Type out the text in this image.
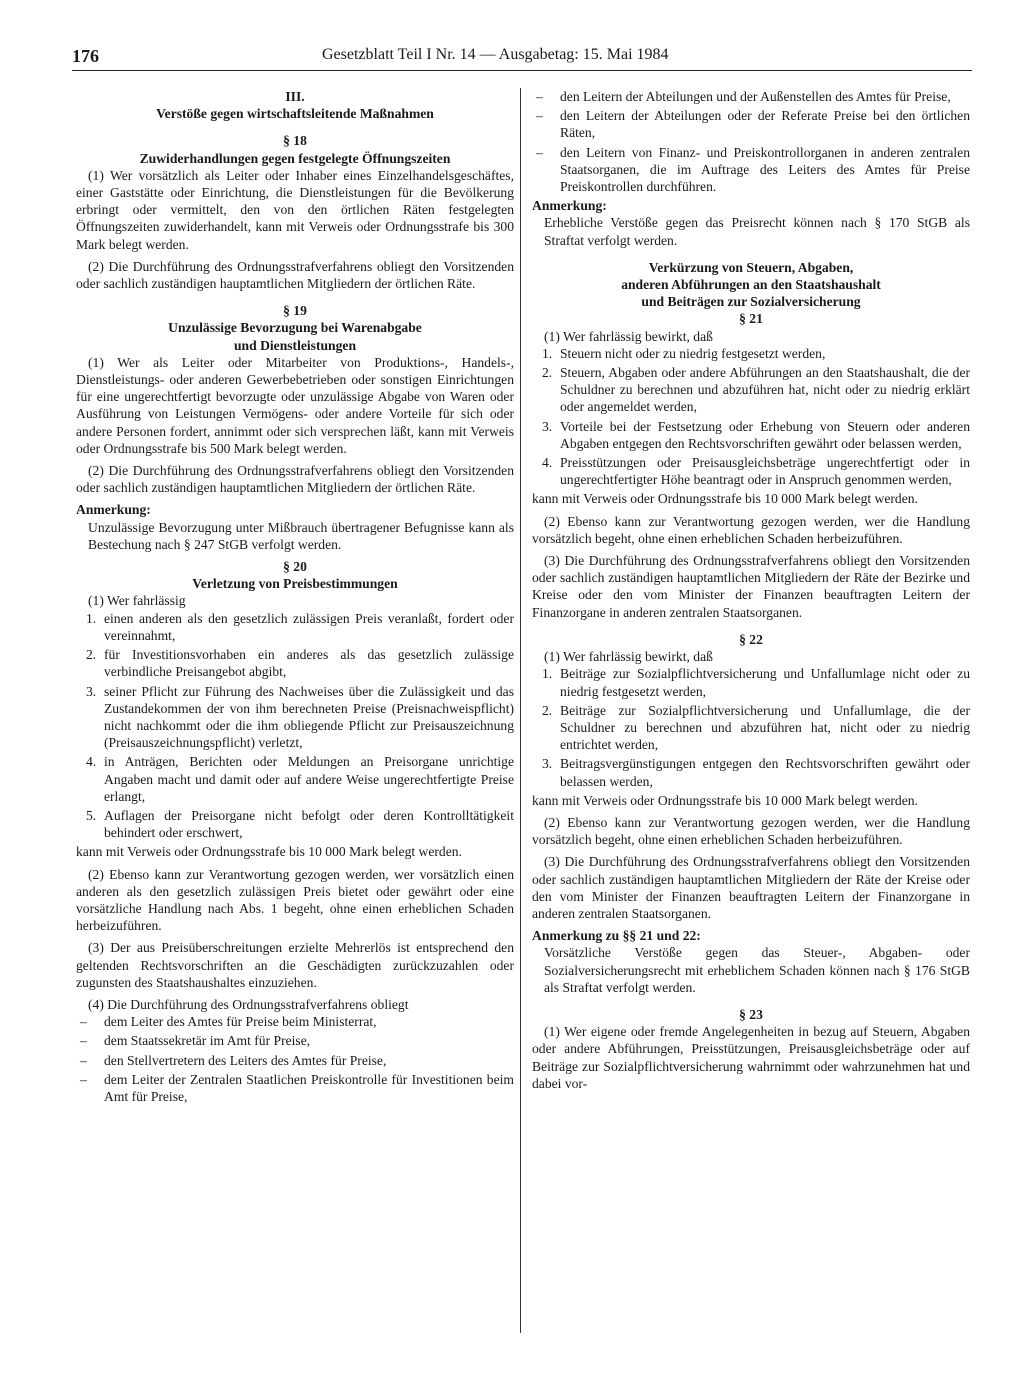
176	Gesetzblatt Teil I Nr. 14 — Ausgabetag: 15. Mai 1984

III.

Verstöße gegen wirtschaftsleitende Maßnahmen

§ 18

Zuwiderhandlungen gegen festgelegte Öffnungszeiten

(1) Wer vorsätzlich als Leiter oder Inhaber eines Einzelhandelsgeschäftes, einer Gaststätte oder Einrichtung, die Dienstleistungen für die Bevölkerung erbringt oder vermittelt, den von den örtlichen Räten festgelegten Öffnungszeiten zuwiderhandelt, kann mit Verweis oder Ordnungsstrafe bis 300 Mark belegt werden.

(2) Die Durchführung des Ordnungsstrafverfahrens obliegt den Vorsitzenden oder sachlich zuständigen hauptamtlichen Mitgliedern der örtlichen Räte.

§ 19

Unzulässige Bevorzugung bei Warenabgabe

und Dienstleistungen

(1) Wer als Leiter oder Mitarbeiter von Produktions-, Handels-, Dienstleistungs- oder anderen Gewerbebetrieben oder sonstigen Einrichtungen für eine ungerechtfertigt bevorzugte oder unzulässige Abgabe von Waren oder Ausführung von Leistungen Vermögens- oder andere Vorteile für sich oder andere Personen fordert, annimmt oder sich versprechen läßt, kann mit Verweis oder Ordnungsstrafe bis 500 Mark belegt werden.

(2) Die Durchführung des Ordnungsstrafverfahrens obliegt den Vorsitzenden oder sachlich zuständigen hauptamtlichen Mitgliedern der örtlichen Räte.

Anmerkung:

Unzulässige Bevorzugung unter Mißbrauch übertragener Befugnisse kann als Bestechung nach § 247 StGB verfolgt werden.

§ 20

Verletzung von Preisbestimmungen

(1) Wer fahrlässig

1. einen anderen als den gesetzlich zulässigen Preis veranlaßt, fordert oder vereinnahmt,
2. für Investitionsvorhaben ein anderes als das gesetzlich zulässige verbindliche Preisangebot abgibt,
3. seiner Pflicht zur Führung des Nachweises über die Zulässigkeit und das Zustandekommen der von ihm berechneten Preise (Preisnachweispflicht) nicht nachkommt oder die ihm obliegende Pflicht zur Preisauszeichnung (Preisauszeichnungspflicht) verletzt,
4. in Anträgen, Berichten oder Meldungen an Preisorgane unrichtige Angaben macht und damit oder auf andere Weise ungerechtfertigte Preise erlangt,
5. Auflagen der Preisorgane nicht befolgt oder deren Kontrolltätigkeit behindert oder erschwert,

kann mit Verweis oder Ordnungsstrafe bis 10 000 Mark belegt werden.

(2) Ebenso kann zur Verantwortung gezogen werden, wer vorsätzlich einen anderen als den gesetzlich zulässigen Preis bietet oder gewährt oder eine vorsätzliche Handlung nach Abs. 1 begeht, ohne einen erheblichen Schaden herbeizuführen.

(3) Der aus Preisüberschreitungen erzielte Mehrerlös ist entsprechend den geltenden Rechtsvorschriften an die Geschädigten zurückzuzahlen oder zugunsten des Staatshaushaltes einzuziehen.

(4) Die Durchführung des Ordnungsstrafverfahrens obliegt

– dem Leiter des Amtes für Preise beim Ministerrat,
– dem Staatssekretär im Amt für Preise,
– den Stellvertretern des Leiters des Amtes für Preise,
– dem Leiter der Zentralen Staatlichen Preiskontrolle für Investitionen beim Amt für Preise,
– den Leitern der Abteilungen und der Außenstellen des Amtes für Preise,
– den Leitern der Abteilungen oder der Referate Preise bei den örtlichen Räten,
– den Leitern von Finanz- und Preiskontrollorganen in anderen zentralen Staatsorganen, die im Auftrage des Leiters des Amtes für Preise Preiskontrollen durchführen.

Anmerkung:

Erhebliche Verstöße gegen das Preisrecht können nach § 170 StGB als Straftat verfolgt werden.

Verkürzung von Steuern, Abgaben,

anderen Abführungen an den Staatshaushalt

und Beiträgen zur Sozialversicherung

§ 21

(1) Wer fahrlässig bewirkt, daß

1. Steuern nicht oder zu niedrig festgesetzt werden,
2. Steuern, Abgaben oder andere Abführungen an den Staatshaushalt, die der Schuldner zu berechnen und abzuführen hat, nicht oder zu niedrig erklärt oder angemeldet werden,
3. Vorteile bei der Festsetzung oder Erhebung von Steuern oder anderen Abgaben entgegen den Rechtsvorschriften gewährt oder belassen werden,
4. Preisstützungen oder Preisausgleichsbeträge ungerechtfertigt oder in ungerechtfertigter Höhe beantragt oder in Anspruch genommen werden,

kann mit Verweis oder Ordnungsstrafe bis 10 000 Mark belegt werden.

(2) Ebenso kann zur Verantwortung gezogen werden, wer die Handlung vorsätzlich begeht, ohne einen erheblichen Schaden herbeizuführen.

(3) Die Durchführung des Ordnungsstrafverfahrens obliegt den Vorsitzenden oder sachlich zuständigen hauptamtlichen Mitgliedern der Räte der Bezirke und Kreise oder den vom Minister der Finanzen beauftragten Leitern der Finanzorgane in anderen zentralen Staatsorganen.

§ 22

(1) Wer fahrlässig bewirkt, daß

1. Beiträge zur Sozialpflichtversicherung und Unfallumlage nicht oder zu niedrig festgesetzt werden,
2. Beiträge zur Sozialpflichtversicherung und Unfallumlage, die der Schuldner zu berechnen und abzuführen hat, nicht oder zu niedrig entrichtet werden,
3. Beitragsvergünstigungen entgegen den Rechtsvorschriften gewährt oder belassen werden,

kann mit Verweis oder Ordnungsstrafe bis 10 000 Mark belegt werden.

(2) Ebenso kann zur Verantwortung gezogen werden, wer die Handlung vorsätzlich begeht, ohne einen erheblichen Schaden herbeizuführen.

(3) Die Durchführung des Ordnungsstrafverfahrens obliegt den Vorsitzenden oder sachlich zuständigen hauptamtlichen Mitgliedern der Räte der Kreise oder den vom Minister der Finanzen beauftragten Leitern der Finanzorgane in anderen zentralen Staatsorganen.

Anmerkung zu §§ 21 und 22:

Vorsätzliche Verstöße gegen das Steuer-, Abgaben- oder Sozialversicherungsrecht mit erheblichem Schaden können nach § 176 StGB als Straftat verfolgt werden.

§ 23

(1) Wer eigene oder fremde Angelegenheiten in bezug auf Steuern, Abgaben oder andere Abführungen, Preisstützungen, Preisausgleichsbeträge oder auf Beiträge zur Sozialpflichtversicherung wahrnimmt oder wahrzunehmen hat und dabei vor-
